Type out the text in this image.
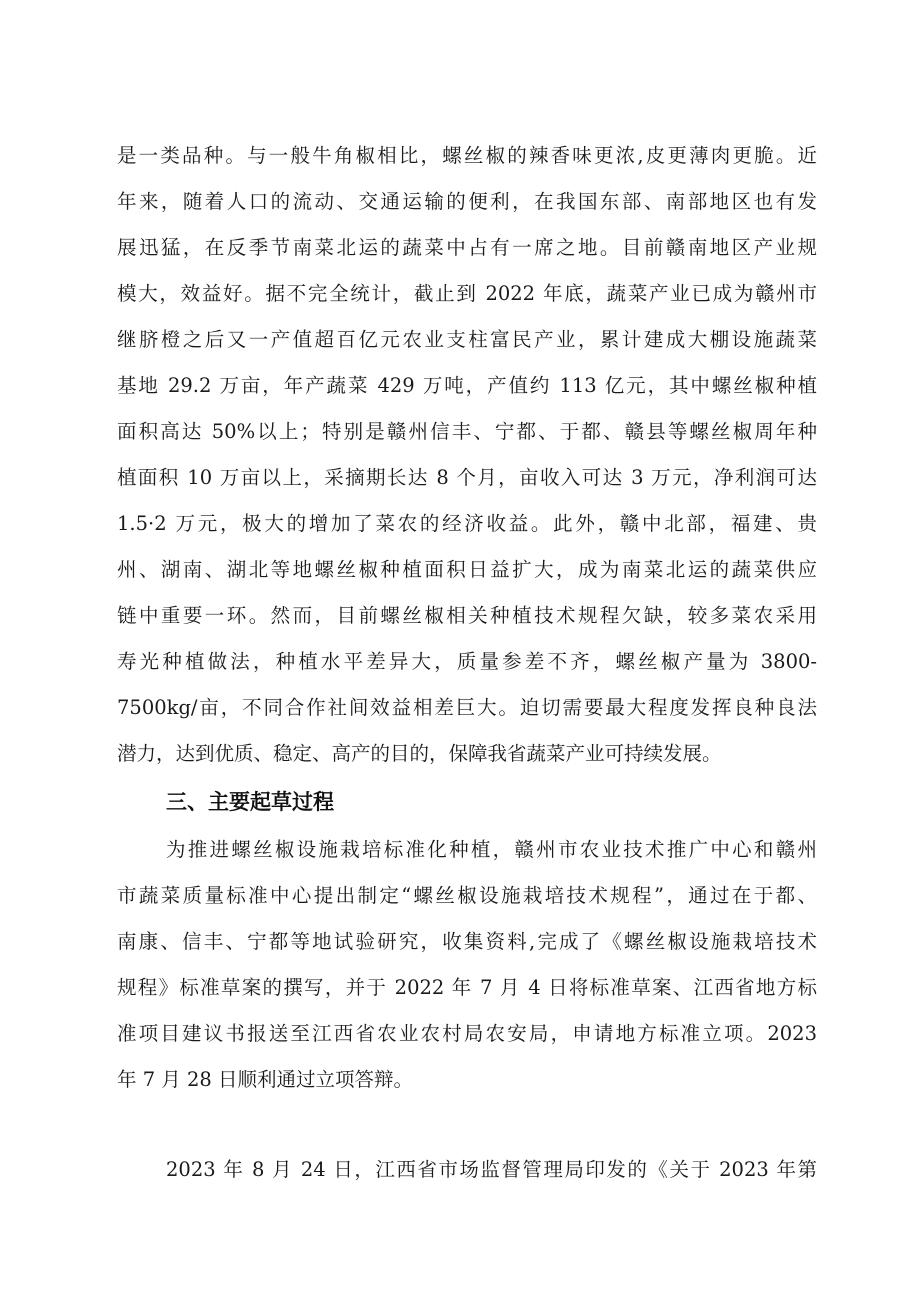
是一类品种。与一般牛角椒相比，螺丝椒的辣香味更浓,皮更薄肉更脆。近

年来，随着人口的流动、交通运输的便利，在我国东部、南部地区也有发

展迅猛，在反季节南菜北运的蔬菜中占有一席之地。目前赣南地区产业规

模大，效益好。据不完全统计，截止到 2022 年底，蔬菜产业已成为赣州市

继脐橙之后又一产值超百亿元农业支柱富民产业，累计建成大棚设施蔬菜

基地 29.2 万亩，年产蔬菜 429 万吨，产值约 113 亿元，其中螺丝椒种植

面积高达 50%以上；特别是赣州信丰、宁都、于都、赣县等螺丝椒周年种

植面积 10 万亩以上，采摘期长达 8 个月，亩收入可达 3 万元，净利润可达

1.5·2 万元，极大的增加了菜农的经济收益。此外，赣中北部，福建、贵

州、湖南、湖北等地螺丝椒种植面积日益扩大，成为南菜北运的蔬菜供应

链中重要一环。然而，目前螺丝椒相关种植技术规程欠缺，较多菜农采用

寿光种植做法，种植水平差异大，质量参差不齐，螺丝椒产量为 3800-

7500kg/亩，不同合作社间效益相差巨大。迫切需要最大程度发挥良种良法

潜力，达到优质、稳定、高产的目的，保障我省蔬菜产业可持续发展。

三、主要起草过程

为推进螺丝椒设施栽培标准化种植，赣州市农业技术推广中心和赣州

市蔬菜质量标准中心提出制定“螺丝椒设施栽培技术规程”，通过在于都、

南康、信丰、宁都等地试验研究，收集资料,完成了《螺丝椒设施栽培技术

规程》标准草案的撰写，并于 2022 年 7 月 4 日将标准草案、江西省地方标

准项目建议书报送至江西省农业农村局农安局，申请地方标准立项。2023

年 7 月 28 日顺利通过立项答辩。

2023 年 8 月 24 日，江西省市场监督管理局印发的《关于 2023 年第
